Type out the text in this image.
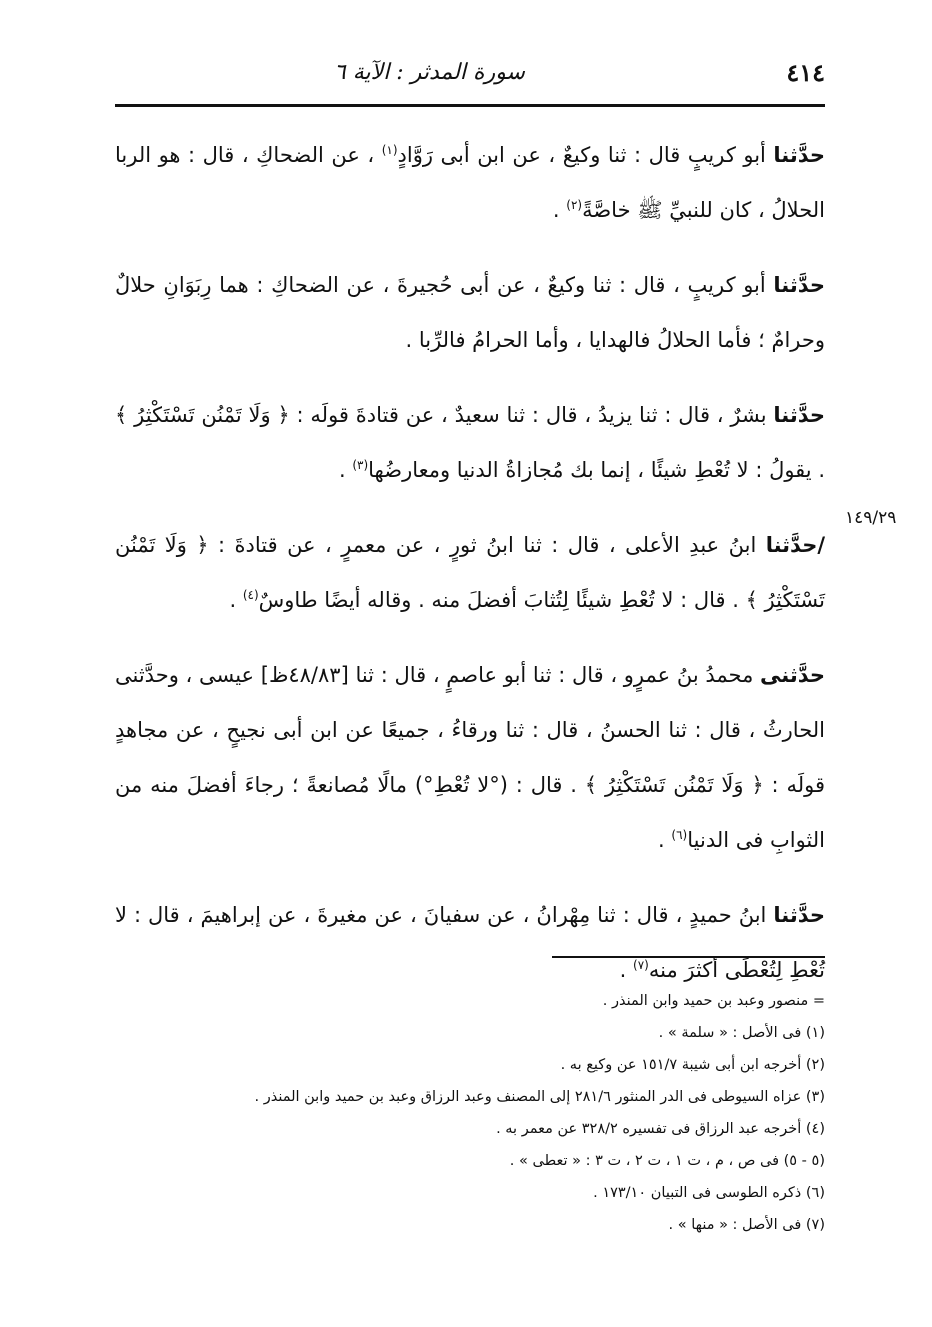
٤١٤
سورة المدثر : الآية ٦
١٤٩/٢٩

حدَّثنا أبو كريبٍ قال : ثنا وكيعٌ ، عن ابن أبى رَوَّادٍ$^{(١)}$ ، عن الضحاكِ ، قال : هو الربا الحلالُ ، كان للنبيِّ ﷺ خاصَّةً$^{(٢)}$ .

حدَّثنا أبو كريبٍ ، قال : ثنا وكيعٌ ، عن أبى حُجيرةَ ، عن الضحاكِ : هما رِبَوَانِ حلالٌ وحرامٌ ؛ فأما الحلالُ فالهدايا ، وأما الحرامُ فالرِّبا .

حدَّثنا بشرٌ ، قال : ثنا يزيدُ ، قال : ثنا سعيدٌ ، عن قتادةَ قولَه : ﴿ وَلَا تَمْنُن تَسْتَكْثِرُ ﴾ . يقولُ : لا تُعْطِ شيئًا ، إنما بك مُجازاةُ الدنيا ومعارضُها$^{(٣)}$ .

/حدَّثنا ابنُ عبدِ الأعلى ، قال : ثنا ابنُ ثورٍ ، عن معمرٍ ، عن قتادةَ : ﴿ وَلَا تَمْنُن تَسْتَكْثِرُ ﴾ . قال : لا تُعْطِ شيئًا لِتُثابَ أفضلَ منه . وقاله أيضًا طاوسٌ$^{(٤)}$ .

حدَّثنى محمدُ بنُ عمرٍو ، قال : ثنا أبو عاصمٍ ، قال : ثنا [٤٨/٨٣ظ] عيسى ، وحدَّثنى الحارثُ ، قال : ثنا الحسنُ ، قال : ثنا ورقاءُ ، جميعًا عن ابن أبى نجيحٍ ، عن مجاهدٍ قولَه : ﴿ وَلَا تَمْنُن تَسْتَكْثِرُ ﴾ . قال : (°لا تُعْطِ°) مالًا مُصانعةً ؛ رجاءَ أفضلَ منه من الثوابِ فى الدنيا$^{(٦)}$ .

حدَّثنا ابنُ حميدٍ ، قال : ثنا مِهْرانُ ، عن سفيانَ ، عن مغيرةَ ، عن إبراهيمَ ، قال : لا تُعْطِ لِتُعْطَى أكثرَ منه$^{(٧)}$ .

= منصور وعبد بن حميد وابن المنذر .
(١) فى الأصل : « سلمة » .
(٢) أخرجه ابن أبى شيبة ١٥١/٧ عن وكيع به .
(٣) عزاه السيوطى فى الدر المنثور ٢٨١/٦ إلى المصنف وعبد الرزاق وعبد بن حميد وابن المنذر .
(٤) أخرجه عبد الرزاق فى تفسيره ٣٢٨/٢ عن معمر به .
(٥ - ٥) فى ص ، م ، ت ١ ، ت ٢ ، ت ٣ : « تعطى » .
(٦) ذكره الطوسى فى التبيان ١٧٣/١٠ .
(٧) فى الأصل : « منها » .
